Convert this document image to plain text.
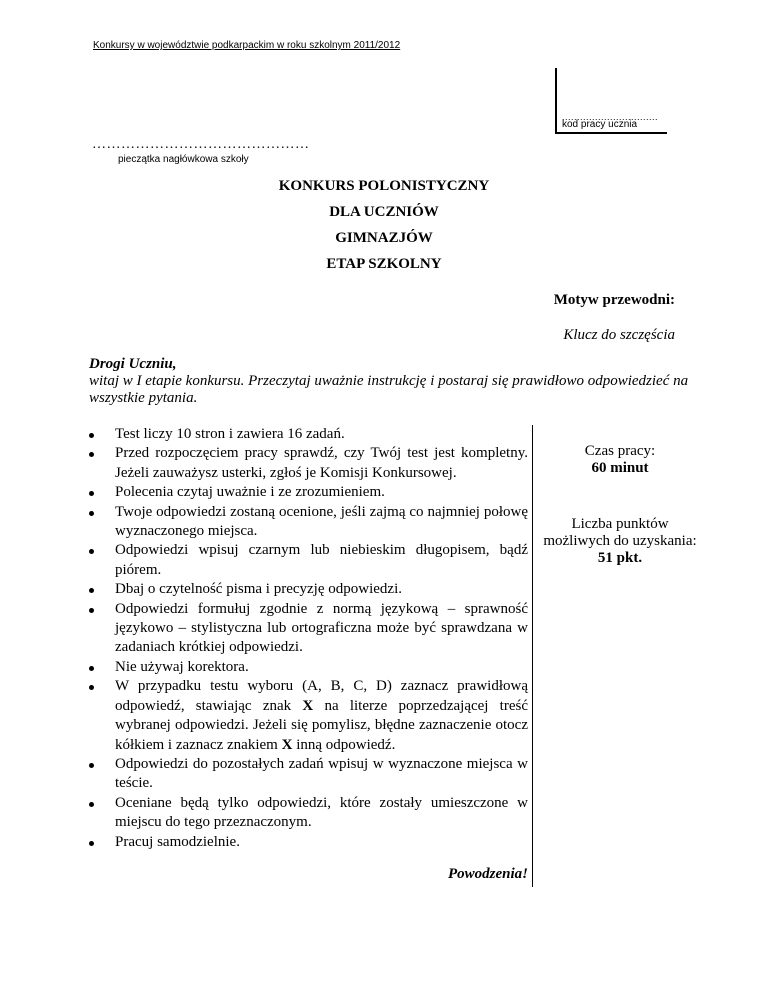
Konkursy w województwie podkarpackim w roku szkolnym 2011/2012
................................
kod pracy ucznia
………………………………………
pieczątka nagłówkowa szkoły
KONKURS POLONISTYCZNY
DLA UCZNIÓW
GIMNAZJÓW
ETAP SZKOLNY
Motyw przewodni:
Klucz do szczęścia
Drogi Uczniu,
witaj w I etapie konkursu. Przeczytaj uważnie instrukcję i postaraj się prawidłowo odpowiedzieć na wszystkie pytania.
Test liczy 10 stron i zawiera 16 zadań.
Przed rozpoczęciem pracy sprawdź, czy Twój test jest kompletny. Jeżeli zauważysz usterki, zgłoś je Komisji Konkursowej.
Polecenia czytaj uważnie i ze zrozumieniem.
Twoje odpowiedzi zostaną ocenione, jeśli zajmą co najmniej połowę wyznaczonego miejsca.
Odpowiedzi wpisuj czarnym lub niebieskim długopisem, bądź piórem.
Dbaj o czytelność pisma i precyzję odpowiedzi.
Odpowiedzi formułuj zgodnie z normą językową – sprawność językowo – stylistyczna lub ortograficzna może być sprawdzana w zadaniach krótkiej odpowiedzi.
Nie używaj korektora.
W przypadku testu wyboru (A, B, C, D) zaznacz prawidłową odpowiedź, stawiając znak X na literze poprzedzającej treść wybranej odpowiedzi. Jeżeli się pomylisz, błędne zaznaczenie otocz kółkiem i zaznacz znakiem X inną odpowiedź.
Odpowiedzi do pozostałych zadań wpisuj w wyznaczone miejsca w teście.
Oceniane będą tylko odpowiedzi, które zostały umieszczone w miejscu do tego przeznaczonym.
Pracuj samodzielnie.
Powodzenia!
Czas pracy:
60 minut
Liczba punktów
możliwych do uzyskania:
51 pkt.
